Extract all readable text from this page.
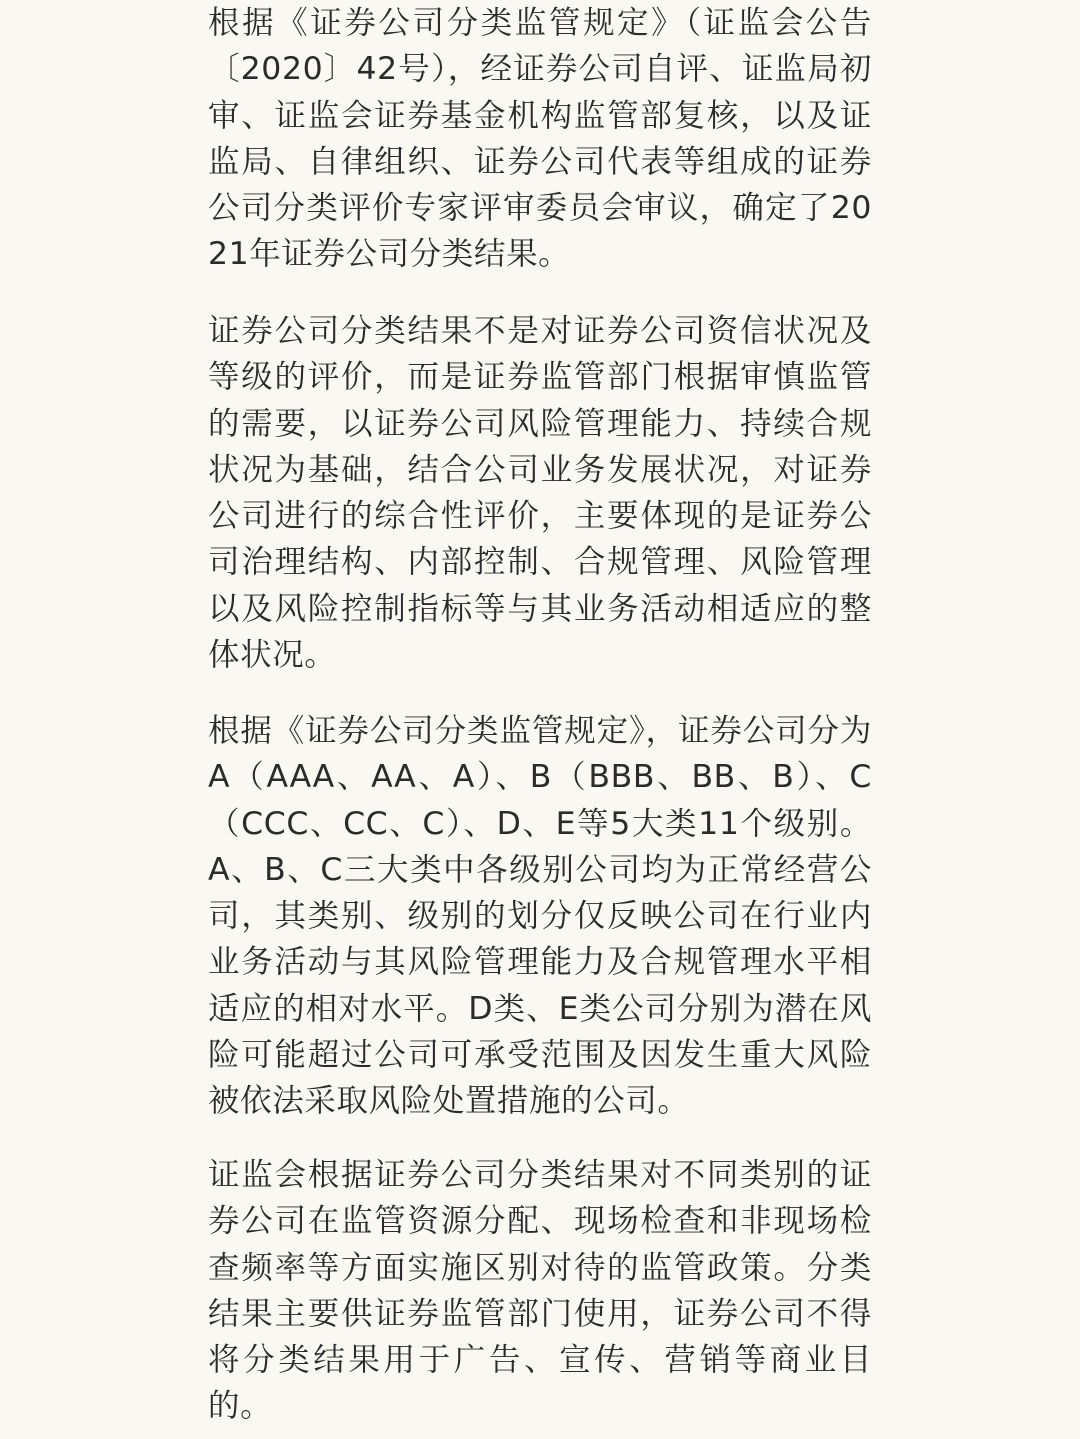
根据《证券公司分类监管规定》（证监会公告〔2020〕42号），经证券公司自评、证监局初审、证监会证券基金机构监管部复核，以及证监局、自律组织、证券公司代表等组成的证券公司分类评价专家评审委员会审议，确定了2021年证券公司分类结果。

证券公司分类结果不是对证券公司资信状况及等级的评价，而是证券监管部门根据审慎监管的需要，以证券公司风险管理能力、持续合规状况为基础，结合公司业务发展状况，对证券公司进行的综合性评价，主要体现的是证券公司治理结构、内部控制、合规管理、风险管理以及风险控制指标等与其业务活动相适应的整体状况。

根据《证券公司分类监管规定》，证券公司分为A（AAA、AA、A）、B（BBB、BB、B）、C（CCC、CC、C）、D、E等5大类11个级别。A、B、C三大类中各级别公司均为正常经营公司，其类别、级别的划分仅反映公司在行业内业务活动与其风险管理能力及合规管理水平相适应的相对水平。D类、E类公司分别为潜在风险可能超过公司可承受范围及因发生重大风险被依法采取风险处置措施的公司。

证监会根据证券公司分类结果对不同类别的证券公司在监管资源分配、现场检查和非现场检查频率等方面实施区别对待的监管政策。分类结果主要供证券监管部门使用，证券公司不得将分类结果用于广告、宣传、营销等商业目的。
